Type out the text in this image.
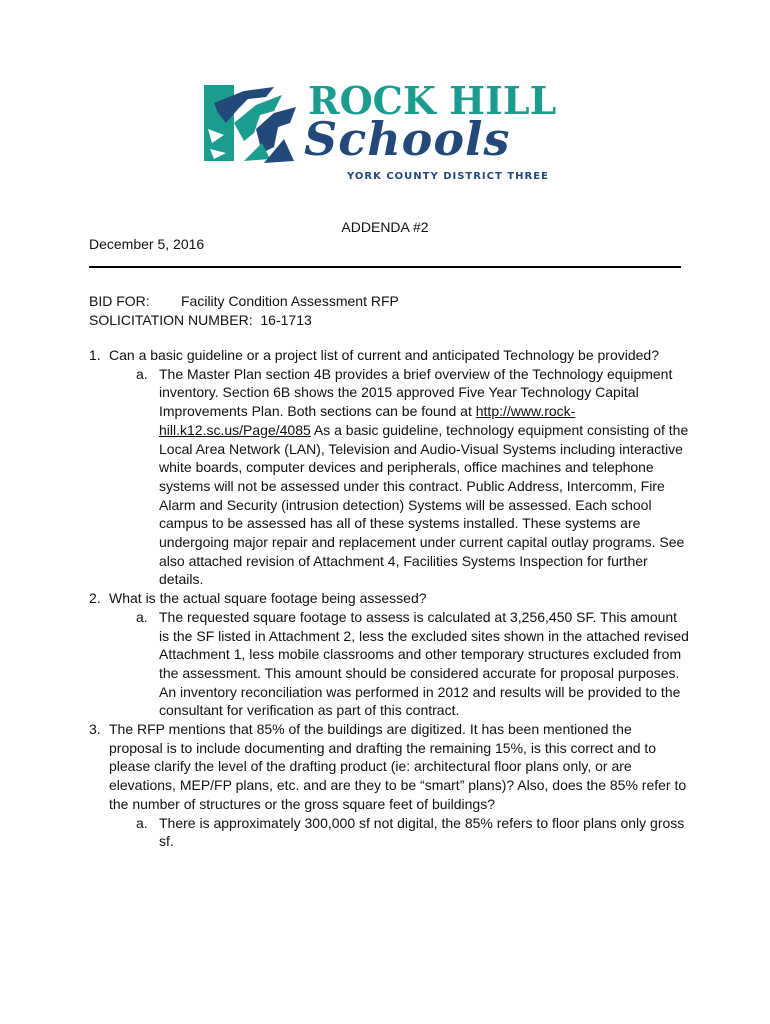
ROCK HILL
Schools
YORK COUNTY DISTRICT THREE
ADDENDA #2
December 5, 2016
BID FOR: Facility Condition Assessment RFP
SOLICITATION NUMBER: 16-1713
1. Can a basic guideline or a project list of current and anticipated Technology be provided?
a. The Master Plan section 4B provides a brief overview of the Technology equipment inventory. Section 6B shows the 2015 approved Five Year Technology Capital Improvements Plan. Both sections can be found at http://www.rock-hill.k12.sc.us/Page/4085 As a basic guideline, technology equipment consisting of the Local Area Network (LAN), Television and Audio-Visual Systems including interactive white boards, computer devices and peripherals, office machines and telephone systems will not be assessed under this contract. Public Address, Intercomm, Fire Alarm and Security (intrusion detection) Systems will be assessed. Each school campus to be assessed has all of these systems installed. These systems are undergoing major repair and replacement under current capital outlay programs. See also attached revision of Attachment 4, Facilities Systems Inspection for further details.
2. What is the actual square footage being assessed?
a. The requested square footage to assess is calculated at 3,256,450 SF. This amount is the SF listed in Attachment 2, less the excluded sites shown in the attached revised Attachment 1, less mobile classrooms and other temporary structures excluded from the assessment. This amount should be considered accurate for proposal purposes. An inventory reconciliation was performed in 2012 and results will be provided to the consultant for verification as part of this contract.
3. The RFP mentions that 85% of the buildings are digitized. It has been mentioned the proposal is to include documenting and drafting the remaining 15%, is this correct and to please clarify the level of the drafting product (ie: architectural floor plans only, or are elevations, MEP/FP plans, etc. and are they to be “smart” plans)? Also, does the 85% refer to the number of structures or the gross square feet of buildings?
a. There is approximately 300,000 sf not digital, the 85% refers to floor plans only gross sf.
